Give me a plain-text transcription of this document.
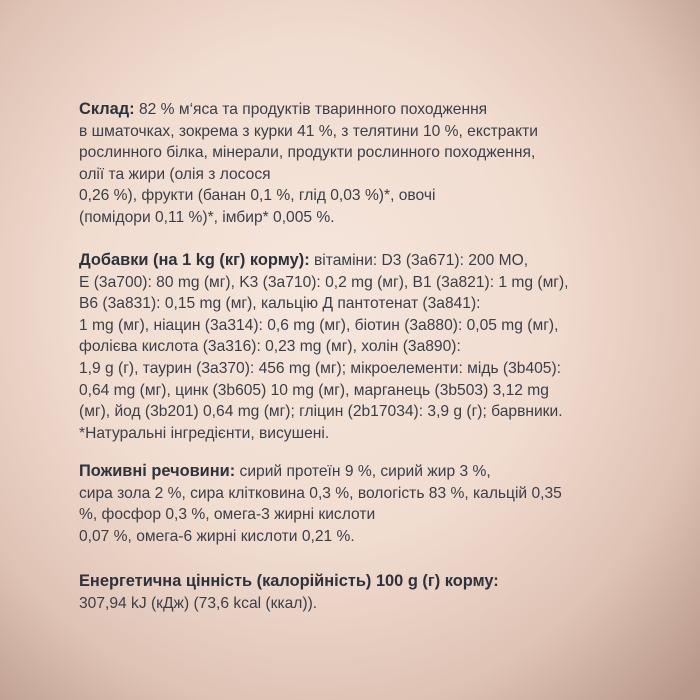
Склад: 82 % м‘яса та продуктів тваринного походження
в шматочках, зокрема з курки 41 %, з телятини 10 %, екстракти
рослинного білка, мінерали, продукти рослинного походження,
олії та жири (олія з лосося
0,26 %), фрукти (банан 0,1 %, глід 0,03 %)*, овочі
(помідори 0,11 %)*, імбир* 0,005 %.
Добавки (на 1 kg (кг) корму): вітаміни: D3 (3a671): 200 MO,
E (3a700): 80 mg (мг), K3 (3a710): 0,2 mg (мг), B1 (3a821): 1 mg (мг),
B6 (3a831): 0,15 mg (мг), кальцію Д пантотенат (3a841):
1 mg (мг), ніацин (3a314): 0,6 mg (мг), біотин (3a880): 0,05 mg (мг),
фолієва кислота (3a316): 0,23 mg (мг), холін (3a890):
1,9 g (г), таурин (3a370): 456 mg (мг); мікроелементи: мідь (3b405):
0,64 mg (мг), цинк (3b605) 10 mg (мг), марганець (3b503) 3,12 mg
(мг), йод (3b201) 0,64 mg (мг); гліцин (2b17034): 3,9 g (г); барвники.
*Натуральні інгредієнти, висушені.
Поживні речовини: сирий протеїн 9 %, сирий жир 3 %,
сира зола 2 %, сира клітковина 0,3 %, вологість 83 %, кальцій 0,35
%, фосфор 0,3 %, омега-3 жирні кислоти
0,07 %, омега-6 жирні кислоти 0,21 %.
Енергетична цінність (калорійність) 100 g (г) корму:
307,94 kJ (кДж) (73,6 kcal (ккал)).
